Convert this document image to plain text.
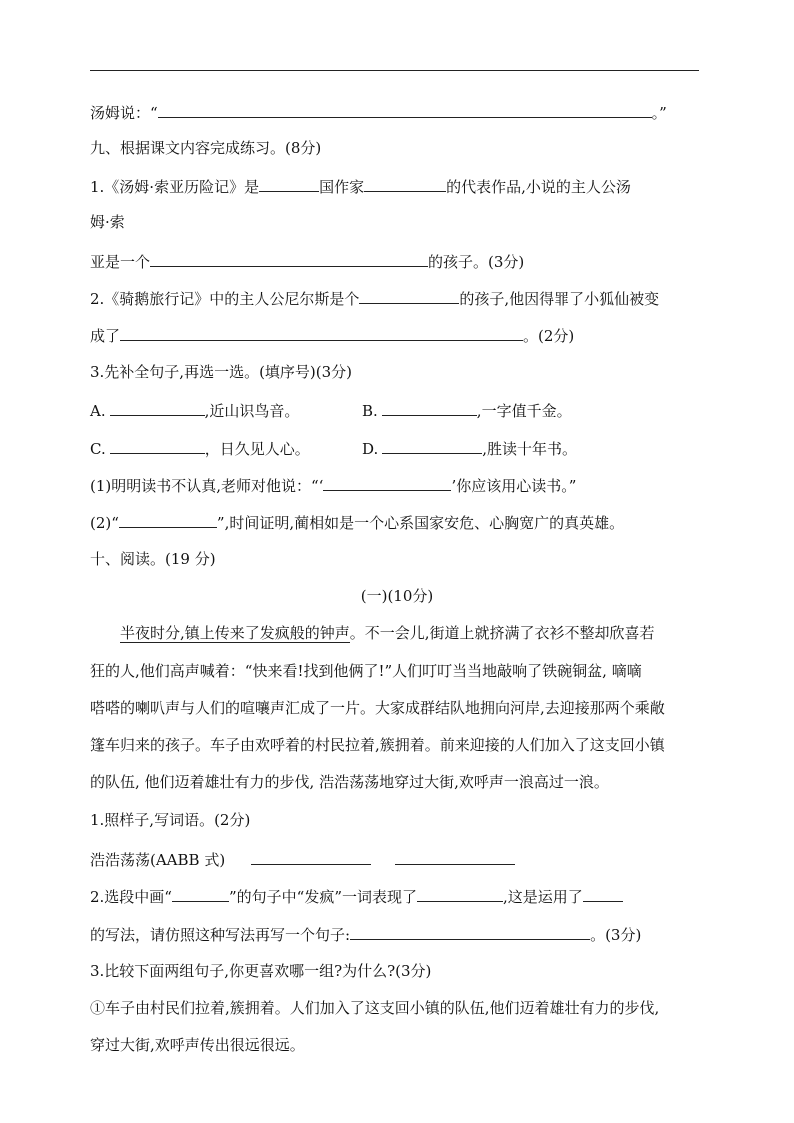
汤姆说：“	。”
九、根据课文内容完成练习。(8分)
1.《汤姆·索亚历险记》是	国作家	的代表作品,小说的主人公汤
姆·索
亚是一个	的孩子。(3分)
2.《骑鹅旅行记》中的主人公尼尔斯是个	的孩子,他因得罪了小狐仙被变
成了	。(2分)
3.先补全句子,再选一选。(填序号)(3分)
A.	,近山识鸟音。	B.	,一字值千金。
C.	，日久见人心。	D.	,胜读十年书。
(1)明明读书不认真,老师对他说：“‘	’你应该用心读书。”
(2)“	”,时间证明,蔺相如是一个心系国家安危、心胸宽广的真英雄。
十、阅读。(19 分)
(一)(10分)
半夜时分,镇上传来了发疯般的钟声。不一会儿,街道上就挤满了衣衫不整却欣喜若
狂的人,他们高声喊着：“快来看!找到他俩了!”人们叮叮当当地敲响了铁碗铜盆, 嘀嘀
嗒嗒的喇叭声与人们的喧嚷声汇成了一片。大家成群结队地拥向河岸,去迎接那两个乘敞
篷车归来的孩子。车子由欢呼着的村民拉着,簇拥着。前来迎接的人们加入了这支回小镇
的队伍, 他们迈着雄壮有力的步伐, 浩浩荡荡地穿过大街,欢呼声一浪高过一浪。
1.照样子,写词语。(2分)
浩浩荡荡(AABB 式)
2.选段中画“	”的句子中“发疯”一词表现了	,这是运用了
的写法，请仿照这种写法再写一个句子:	。(3分)
3.比较下面两组句子,你更喜欢哪一组?为什么?(3分)
①车子由村民们拉着,簇拥着。人们加入了这支回小镇的队伍,他们迈着雄壮有力的步伐,
穿过大街,欢呼声传出很远很远。
